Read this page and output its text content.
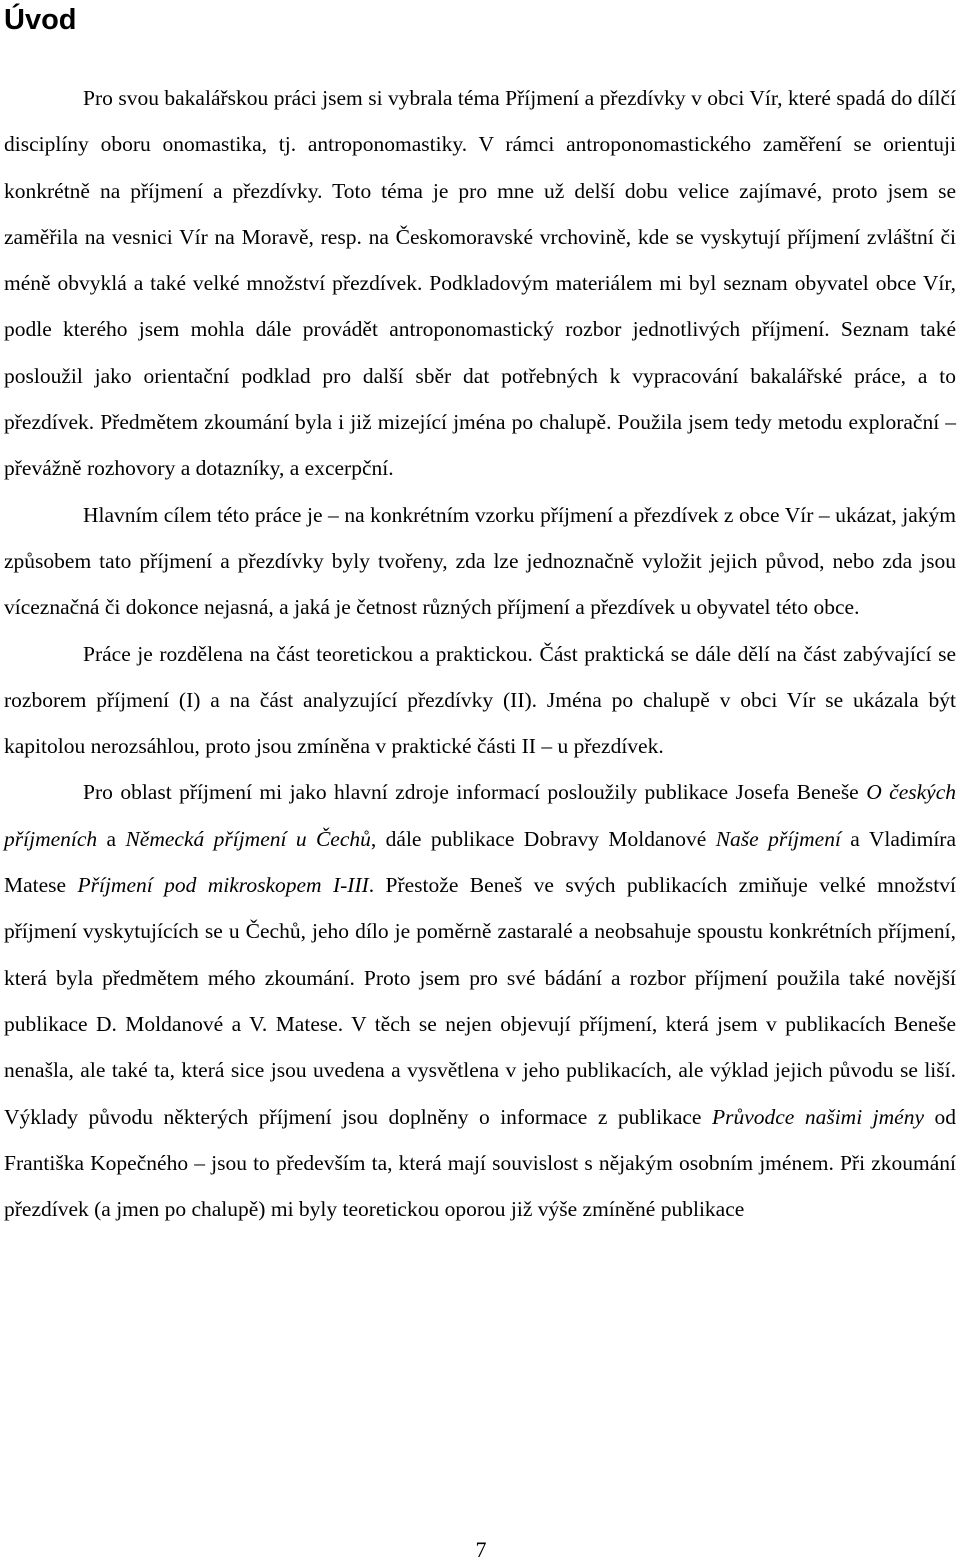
Úvod

Pro svou bakalářskou práci jsem si vybrala téma Příjmení a přezdívky v obci Vír, které spadá do dílčí disciplíny oboru onomastika, tj. antroponomastiky. V rámci antroponomastického zaměření se orientuji konkrétně na příjmení a přezdívky. Toto téma je pro mne už delší dobu velice zajímavé, proto jsem se zaměřila na vesnici Vír na Moravě, resp. na Českomoravské vrchovině, kde se vyskytují příjmení zvláštní či méně obvyklá a také velké množství přezdívek. Podkladovým materiálem mi byl seznam obyvatel obce Vír, podle kterého jsem mohla dále provádět antroponomastický rozbor jednotlivých příjmení. Seznam také posloužil jako orientační podklad pro další sběr dat potřebných k vypracování bakalářské práce, a to přezdívek. Předmětem zkoumání byla i již mizející jména po chalupě. Použila jsem tedy metodu explorační – převážně rozhovory a dotazníky, a excerpční.

Hlavním cílem této práce je – na konkrétním vzorku příjmení a přezdívek z obce Vír – ukázat, jakým způsobem tato příjmení a přezdívky byly tvořeny, zda lze jednoznačně vyložit jejich původ, nebo zda jsou víceznačná či dokonce nejasná, a jaká je četnost různých příjmení a přezdívek u obyvatel této obce.

Práce je rozdělena na část teoretickou a praktickou. Část praktická se dále dělí na část zabývající se rozborem příjmení (I) a na část analyzující přezdívky (II). Jména po chalupě v obci Vír se ukázala být kapitolou nerozsáhlou, proto jsou zmíněna v praktické části II – u přezdívek.

Pro oblast příjmení mi jako hlavní zdroje informací posloužily publikace Josefa Beneše O českých příjmeních a Německá příjmení u Čechů, dále publikace Dobravy Moldanové Naše příjmení a Vladimíra Matese Příjmení pod mikroskopem I-III. Přestože Beneš ve svých publikacích zmiňuje velké množství příjmení vyskytujících se u Čechů, jeho dílo je poměrně zastaralé a neobsahuje spoustu konkrétních příjmení, která byla předmětem mého zkoumání. Proto jsem pro své bádání a rozbor příjmení použila také novější publikace D. Moldanové a V. Matese. V těch se nejen objevují příjmení, která jsem v publikacích Beneše nenašla, ale také ta, která sice jsou uvedena a vysvětlena v jeho publikacích, ale výklad jejich původu se liší. Výklady původu některých příjmení jsou doplněny o informace z publikace Průvodce našimi jmény od Františka Kopečného – jsou to především ta, která mají souvislost s nějakým osobním jménem. Při zkoumání přezdívek (a jmen po chalupě) mi byly teoretickou oporou již výše zmíněné publikace

7
